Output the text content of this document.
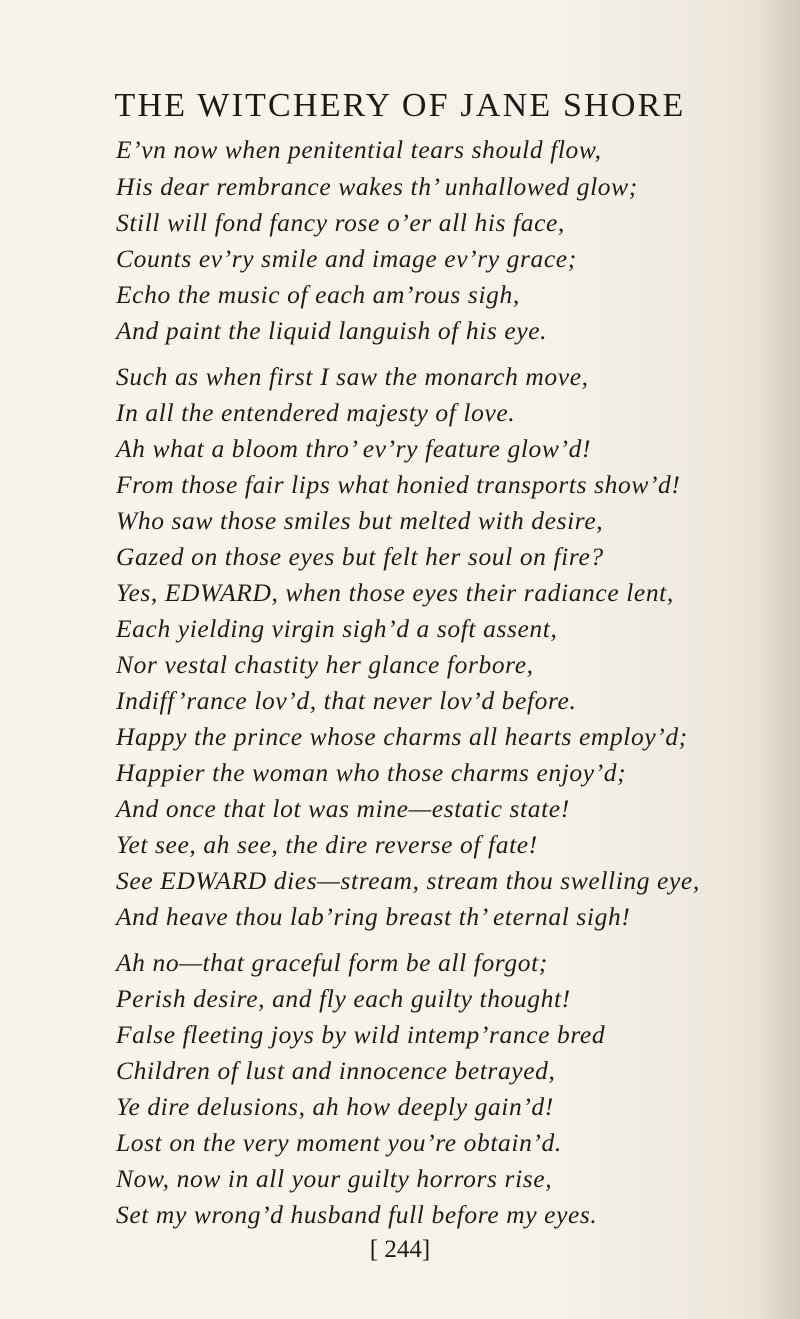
THE WITCHERY OF JANE SHORE
E’vn now when penitential tears should flow,
His dear rembrance wakes th’ unhallowed glow;
Still will fond fancy rose o’er all his face,
Counts ev’ry smile and image ev’ry grace;
Echo the music of each am’rous sigh,
And paint the liquid languish of his eye.
Such as when first I saw the monarch move,
In all the entendered majesty of love.
Ah what a bloom thro’ ev’ry feature glow’d!
From those fair lips what honied transports show’d!
Who saw those smiles but melted with desire,
Gazed on those eyes but felt her soul on fire?
Yes, EDWARD, when those eyes their radiance lent,
Each yielding virgin sigh’d a soft assent,
Nor vestal chastity her glance forbore,
Indiff’rance lov’d, that never lov’d before.
Happy the prince whose charms all hearts employ’d;
Happier the woman who those charms enjoy’d;
And once that lot was mine—estatic state!
Yet see, ah see, the dire reverse of fate!
See EDWARD dies—stream, stream thou swelling eye,
And heave thou lab’ring breast th’ eternal sigh!
Ah no—that graceful form be all forgot;
Perish desire, and fly each guilty thought!
False fleeting joys by wild intemp’rance bred
Children of lust and innocence betrayed,
Ye dire delusions, ah how deeply gain’d!
Lost on the very moment you’re obtain’d.
Now, now in all your guilty horrors rise,
Set my wrong’d husband full before my eyes.
[ 244]
